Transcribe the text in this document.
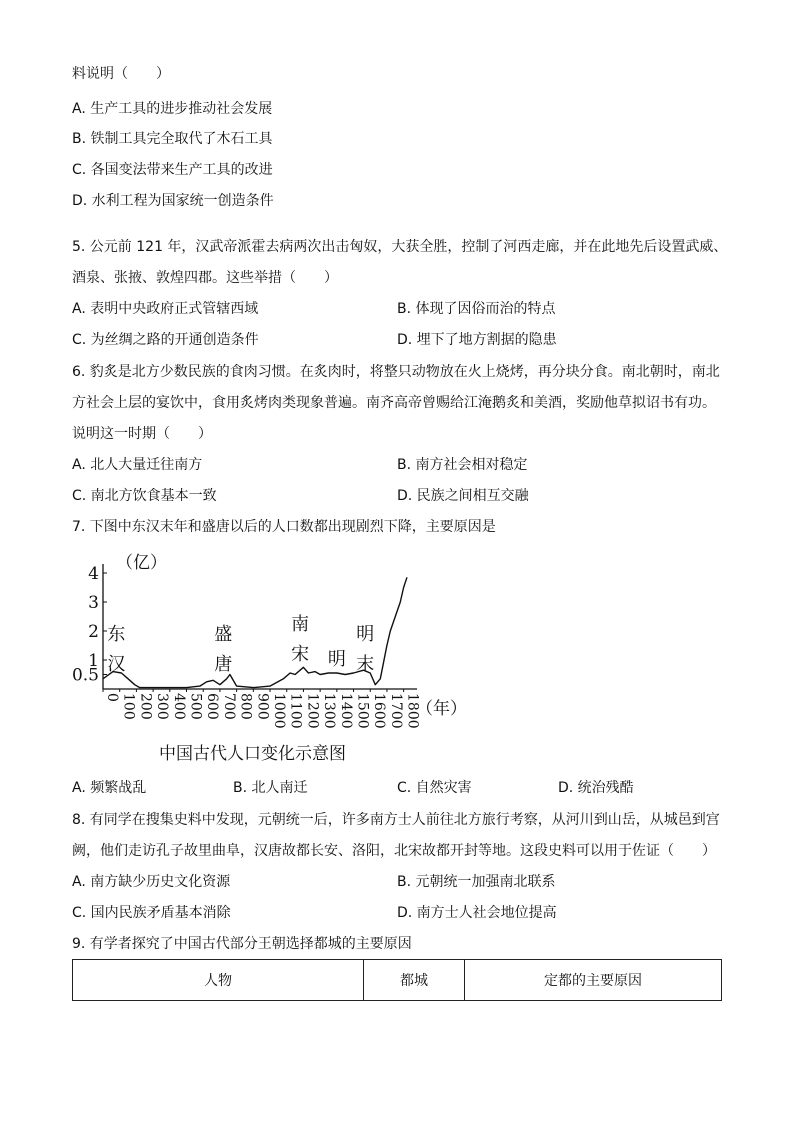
料说明（　　）
A. 生产工具的进步推动社会发展
B. 铁制工具完全取代了木石工具
C. 各国变法带来生产工具的改进
D. 水利工程为国家统一创造条件
5. 公元前 121 年，汉武帝派霍去病两次出击匈奴，大获全胜，控制了河西走廊，并在此地先后设置武威、
酒泉、张掖、敦煌四郡。这些举措（　　）
A. 表明中央政府正式管辖西域	B. 体现了因俗而治的特点
C. 为丝绸之路的开通创造条件	D. 埋下了地方割据的隐患
6. 豹炙是北方少数民族的食肉习惯。在炙肉时，将整只动物放在火上烧烤，再分块分食。南北朝时，南北
方社会上层的宴饮中，食用炙烤肉类现象普遍。南齐高帝曾赐给江淹鹅炙和美酒，奖励他草拟诏书有功。
说明这一时期（　　）
A. 北人大量迁往南方	B. 南方社会相对稳定
C. 南北方饮食基本一致	D. 民族之间相互交融
7. 下图中东汉末年和盛唐以后的人口数都出现剧烈下降，主要原因是
0.5
1
2
3
4
0 100 200 300 400 500 600 700 800 900 1000 1100 1200 1300 1400 1500 1600 1700 1800
东
汉
盛
唐
南
宋 明
明
末
（亿）
（年）
中国古代人口变化示意图
A. 频繁战乱	B. 北人南迁	C. 自然灾害	D. 统治残酷
8. 有同学在搜集史料中发现，元朝统一后，许多南方士人前往北方旅行考察，从河川到山岳，从城邑到宫
阙，他们走访孔子故里曲阜，汉唐故都长安、洛阳，北宋故都开封等地。这段史料可以用于佐证（　　）
A. 南方缺少历史文化资源	B. 元朝统一加强南北联系
C. 国内民族矛盾基本消除	D. 南方士人社会地位提高
9. 有学者探究了中国古代部分王朝选择都城的主要原因
人物	都城	定都的主要原因
